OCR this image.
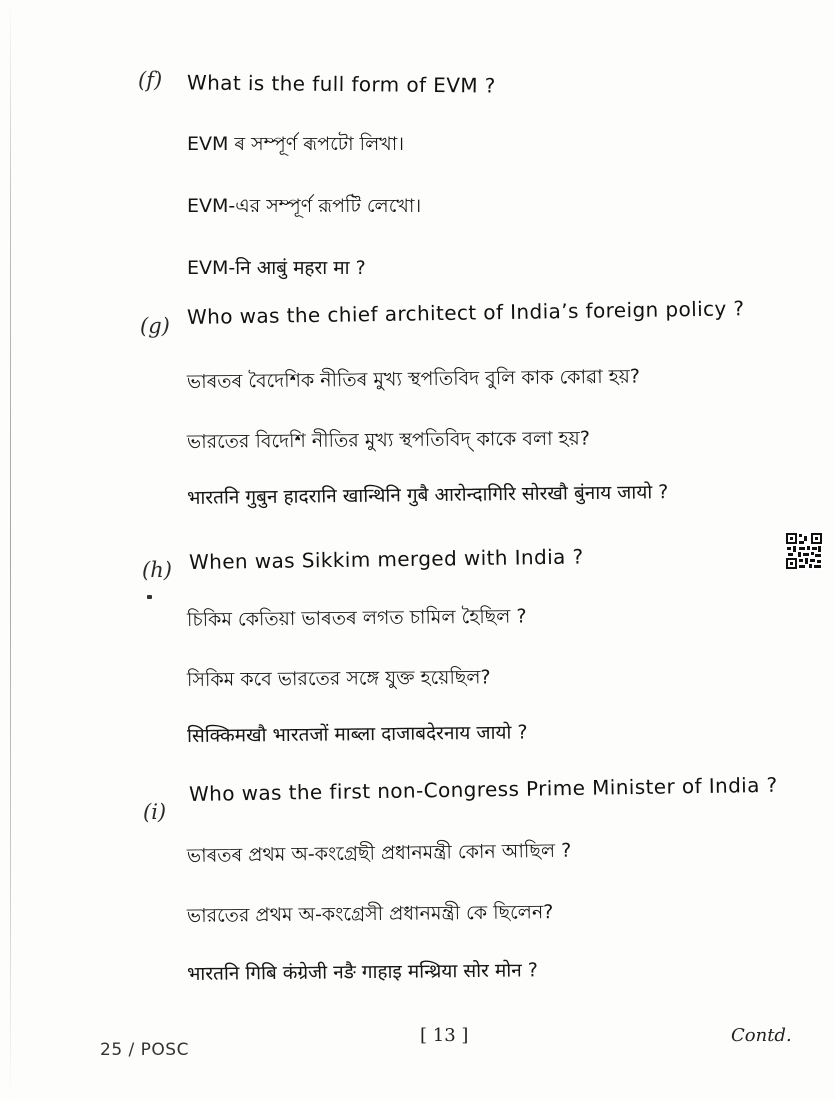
(f) What is the full form of EVM ?
EVM ৰ সম্পূৰ্ণ ৰূপটো লিখা।
EVM-এর সম্পূর্ণ রূপটি লেখো।
EVM-नि आबुं महरा मा ?
(g) Who was the chief architect of India’s foreign policy ?
ভাৰতৰ বৈদেশিক নীতিৰ মুখ্য স্থপতিবিদ বুলি কাক কোৱা হয়?
ভারতের বিদেশি নীতির মুখ্য স্থপতিবিদ্ কাকে বলা হয়?
भारतनि गुबुन हादरानि खान्थिनि गुबै आरोन्दागिरि सोरखौ बुंनाय जायो ?
(h) When was Sikkim merged with India ?
চিকিম কেতিয়া ভাৰতৰ লগত চামিল হৈছিল ?
সিকিম কবে ভারতের সঙ্গে যুক্ত হয়েছিল?
सिक्किमखौ भारतजों माब्ला दाजाबदेरनाय जायो ?
(i)
Who was the first non-Congress Prime Minister of India ?
ভাৰতৰ প্ৰথম অ-কংগ্ৰেছী প্ৰধানমন্ত্ৰী কোন আছিল ?
ভারতের প্রথম অ-কংগ্রেসী প্রধানমন্ত্রী কে ছিলেন?
भारतनि गिबि कंग्रेजी नङै गाहाइ मन्थ्रिया सोर मोन ?
25 / POSC
[ 13 ]	Contd.
